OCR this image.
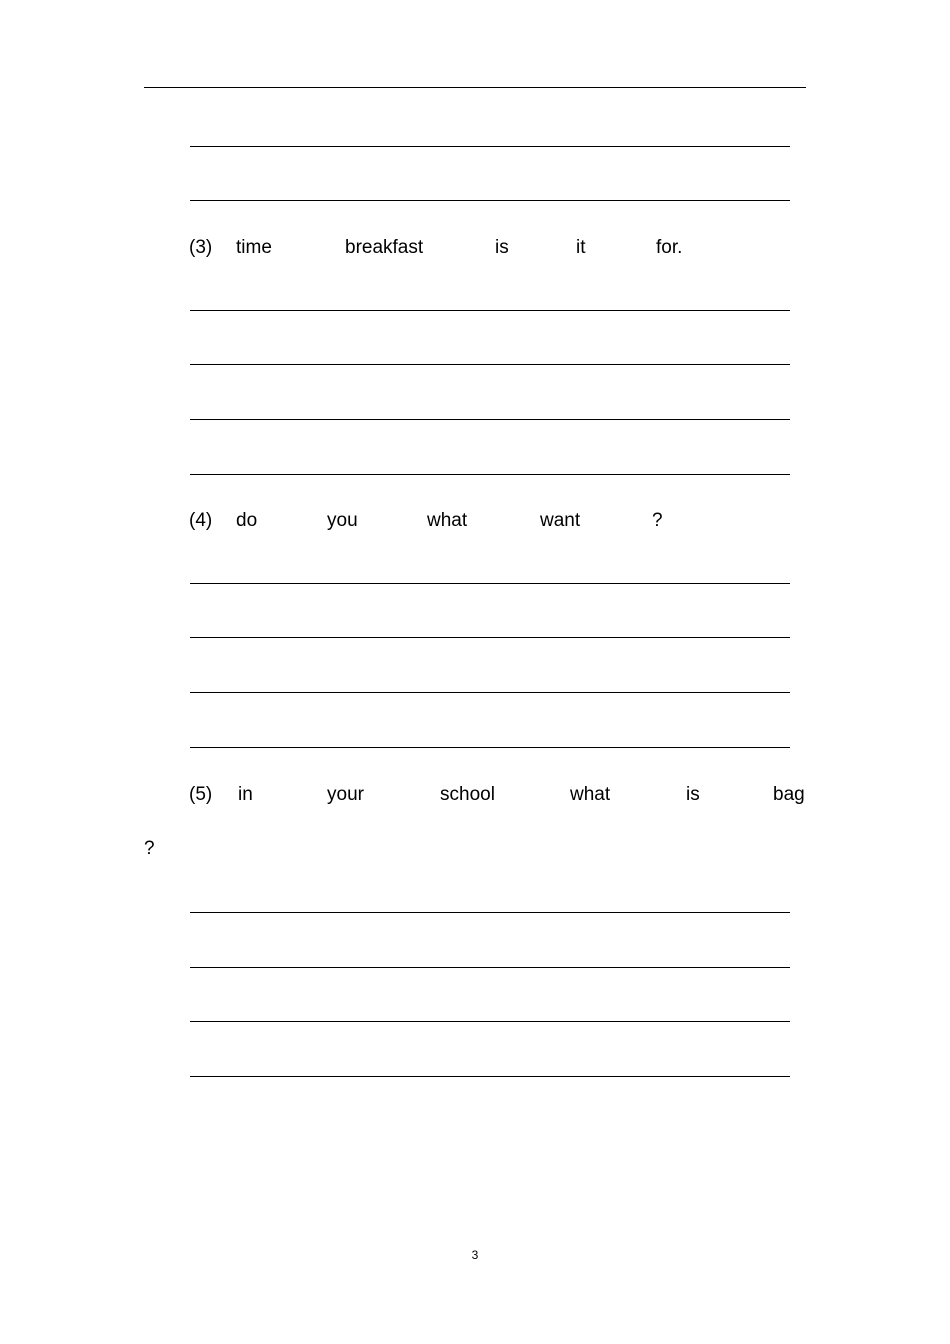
(3) time	breakfast	is	it	for.
(4) do	you	what	want	?
(5) in	your	school	what	is	bag
?
3
